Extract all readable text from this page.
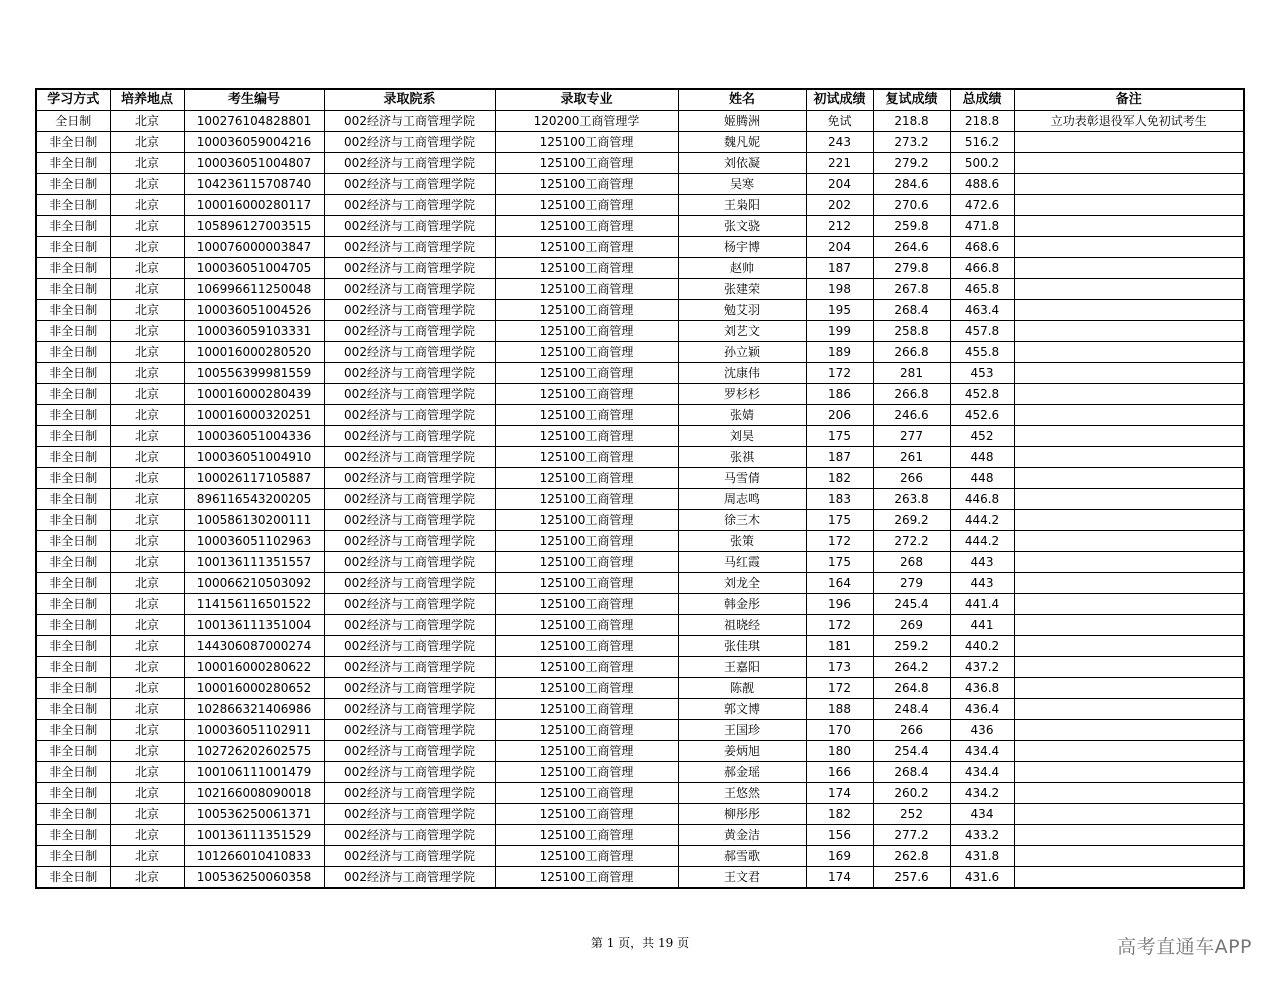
学习方式	培养地点	考生编号	录取院系	录取专业	姓名	初试成绩	复试成绩	总成绩	备注
全日制	北京	100276104828801	002经济与工商管理学院	120200工商管理学	姬腾洲	免试	218.8	218.8	立功表彰退役军人免初试考生
非全日制	北京	100036059004216	002经济与工商管理学院	125100工商管理	魏凡妮	243	273.2	516.2	
非全日制	北京	100036051004807	002经济与工商管理学院	125100工商管理	刘依凝	221	279.2	500.2	
非全日制	北京	104236115708740	002经济与工商管理学院	125100工商管理	吴寒	204	284.6	488.6	
非全日制	北京	100016000280117	002经济与工商管理学院	125100工商管理	王枭阳	202	270.6	472.6	
非全日制	北京	105896127003515	002经济与工商管理学院	125100工商管理	张文骁	212	259.8	471.8	
非全日制	北京	100076000003847	002经济与工商管理学院	125100工商管理	杨宇博	204	264.6	468.6	
非全日制	北京	100036051004705	002经济与工商管理学院	125100工商管理	赵帅	187	279.8	466.8	
非全日制	北京	106996611250048	002经济与工商管理学院	125100工商管理	张建荣	198	267.8	465.8	
非全日制	北京	100036051004526	002经济与工商管理学院	125100工商管理	勉艾羽	195	268.4	463.4	
非全日制	北京	100036059103331	002经济与工商管理学院	125100工商管理	刘艺文	199	258.8	457.8	
非全日制	北京	100016000280520	002经济与工商管理学院	125100工商管理	孙立颖	189	266.8	455.8	
非全日制	北京	100556399981559	002经济与工商管理学院	125100工商管理	沈康伟	172	281	453	
非全日制	北京	100016000280439	002经济与工商管理学院	125100工商管理	罗杉杉	186	266.8	452.8	
非全日制	北京	100016000320251	002经济与工商管理学院	125100工商管理	张婧	206	246.6	452.6	
非全日制	北京	100036051004336	002经济与工商管理学院	125100工商管理	刘昊	175	277	452	
非全日制	北京	100036051004910	002经济与工商管理学院	125100工商管理	张祺	187	261	448	
非全日制	北京	100026117105887	002经济与工商管理学院	125100工商管理	马雪倩	182	266	448	
非全日制	北京	896116543200205	002经济与工商管理学院	125100工商管理	周志鸣	183	263.8	446.8	
非全日制	北京	100586130200111	002经济与工商管理学院	125100工商管理	徐三木	175	269.2	444.2	
非全日制	北京	100036051102963	002经济与工商管理学院	125100工商管理	张策	172	272.2	444.2	
非全日制	北京	100136111351557	002经济与工商管理学院	125100工商管理	马红霞	175	268	443	
非全日制	北京	100066210503092	002经济与工商管理学院	125100工商管理	刘龙全	164	279	443	
非全日制	北京	114156116501522	002经济与工商管理学院	125100工商管理	韩金彤	196	245.4	441.4	
非全日制	北京	100136111351004	002经济与工商管理学院	125100工商管理	祖晓经	172	269	441	
非全日制	北京	144306087000274	002经济与工商管理学院	125100工商管理	张佳琪	181	259.2	440.2	
非全日制	北京	100016000280622	002经济与工商管理学院	125100工商管理	王嘉阳	173	264.2	437.2	
非全日制	北京	100016000280652	002经济与工商管理学院	125100工商管理	陈靓	172	264.8	436.8	
非全日制	北京	102866321406986	002经济与工商管理学院	125100工商管理	郭文博	188	248.4	436.4	
非全日制	北京	100036051102911	002经济与工商管理学院	125100工商管理	王国珍	170	266	436	
非全日制	北京	102726202602575	002经济与工商管理学院	125100工商管理	姜炳旭	180	254.4	434.4	
非全日制	北京	100106111001479	002经济与工商管理学院	125100工商管理	郝金瑶	166	268.4	434.4	
非全日制	北京	102166008090018	002经济与工商管理学院	125100工商管理	王悠然	174	260.2	434.2	
非全日制	北京	100536250061371	002经济与工商管理学院	125100工商管理	柳彤彤	182	252	434	
非全日制	北京	100136111351529	002经济与工商管理学院	125100工商管理	黄金洁	156	277.2	433.2	
非全日制	北京	101266010410833	002经济与工商管理学院	125100工商管理	郝雪歌	169	262.8	431.8	
非全日制	北京	100536250060358	002经济与工商管理学院	125100工商管理	王文君	174	257.6	431.6	
第 1 页，共 19 页	高考直通车APP
